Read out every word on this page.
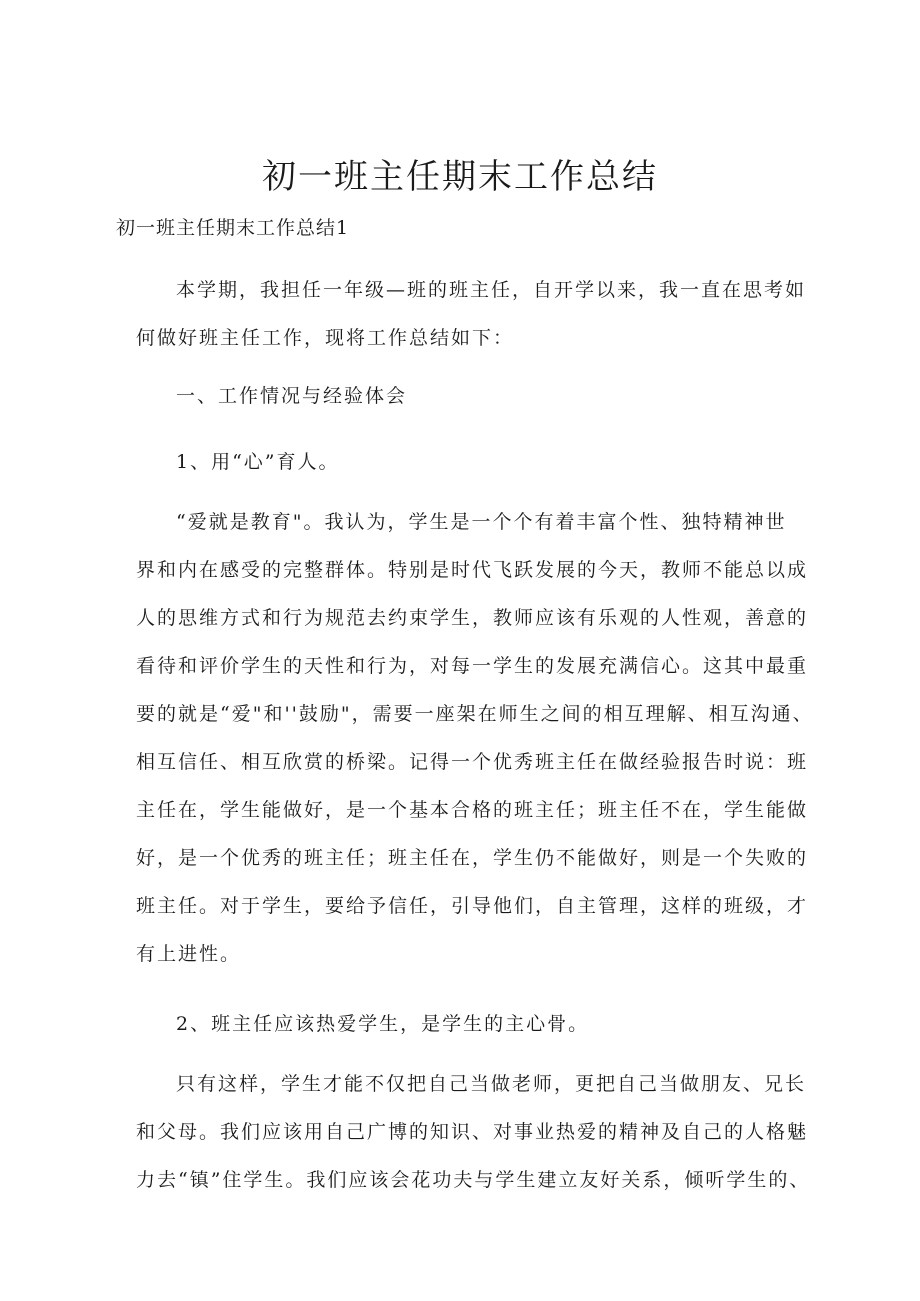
初一班主任期末工作总结
初一班主任期末工作总结1
本学期，我担任一年级—班的班主任，自开学以来，我一直在思考如
何做好班主任工作，现将工作总结如下：
一、工作情况与经验体会
1、用“心”育人。
“爱就是教育"。我认为，学生是一个个有着丰富个性、独特精神世
界和内在感受的完整群体。特别是时代飞跃发展的今天，教师不能总以成
人的思维方式和行为规范去约束学生，教师应该有乐观的人性观，善意的
看待和评价学生的天性和行为，对每一学生的发展充满信心。这其中最重
要的就是“爱"和''鼓励"，需要一座架在师生之间的相互理解、相互沟通、
相互信任、相互欣赏的桥梁。记得一个优秀班主任在做经验报告时说：班
主任在，学生能做好，是一个基本合格的班主任；班主任不在，学生能做
好，是一个优秀的班主任；班主任在，学生仍不能做好，则是一个失败的
班主任。对于学生，要给予信任，引导他们，自主管理，这样的班级，才
有上进性。
2、班主任应该热爱学生，是学生的主心骨。
只有这样，学生才能不仅把自己当做老师，更把自己当做朋友、兄长
和父母。我们应该用自己广博的知识、对事业热爱的精神及自己的人格魅
力去“镇”住学生。我们应该会花功夫与学生建立友好关系，倾听学生的、
